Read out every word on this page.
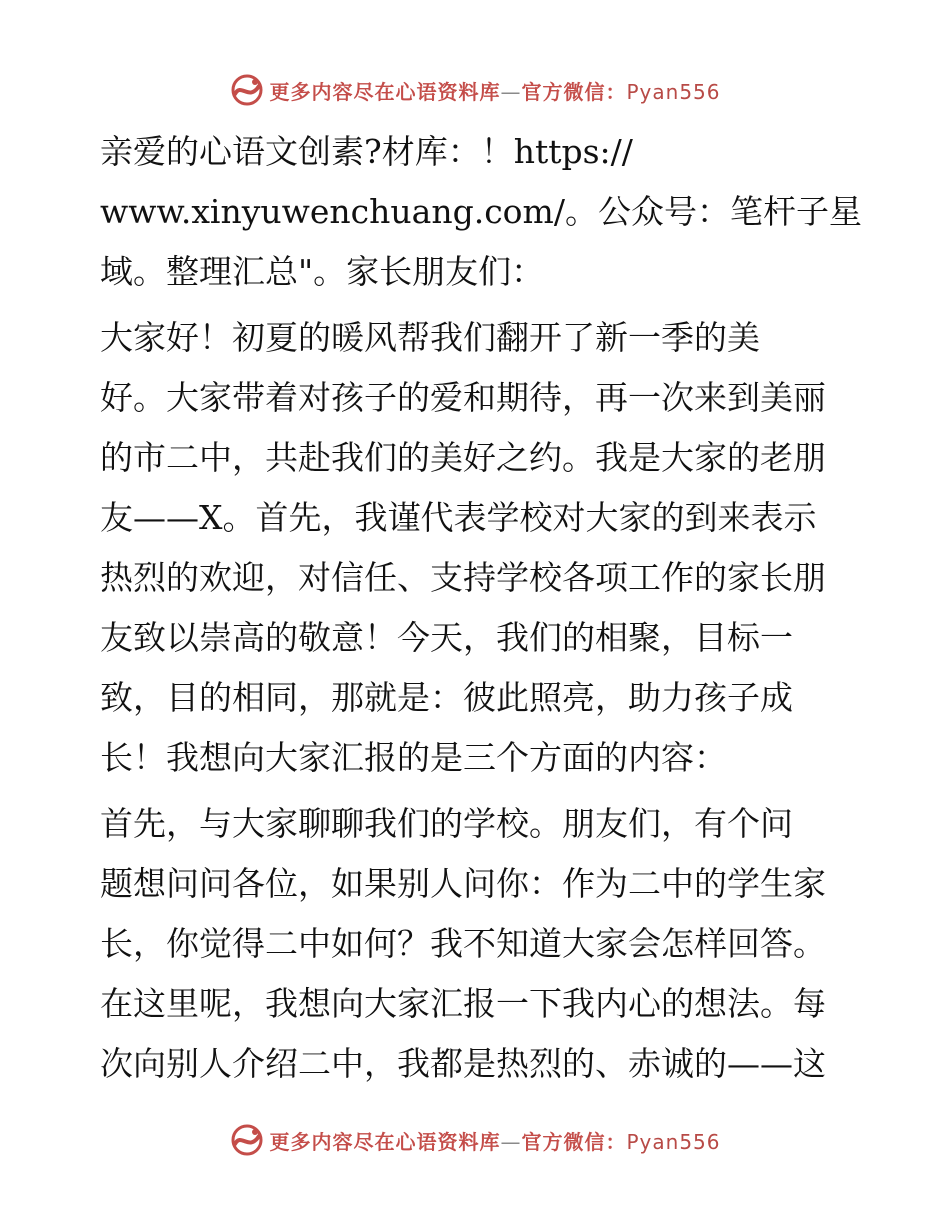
更多内容尽在心语资料库—官方微信：Pyan556
亲爱的心语文创素?材库：！https://
www.xinyuwenchuang.com/。公众号：笔杆子星
域。整理汇总"。家长朋友们：
大家好！初夏的暖风帮我们翻开了新一季的美
好。大家带着对孩子的爱和期待，再一次来到美丽
的市二中，共赴我们的美好之约。我是大家的老朋
友——X。首先，我谨代表学校对大家的到来表示
热烈的欢迎，对信任、支持学校各项工作的家长朋
友致以崇高的敬意！今天，我们的相聚，目标一
致，目的相同，那就是：彼此照亮，助力孩子成
长！我想向大家汇报的是三个方面的内容：
首先，与大家聊聊我们的学校。朋友们，有个问
题想问问各位，如果别人问你：作为二中的学生家
长，你觉得二中如何？我不知道大家会怎样回答。
在这里呢，我想向大家汇报一下我内心的想法。每
次向别人介绍二中，我都是热烈的、赤诚的——这
更多内容尽在心语资料库—官方微信：Pyan556
